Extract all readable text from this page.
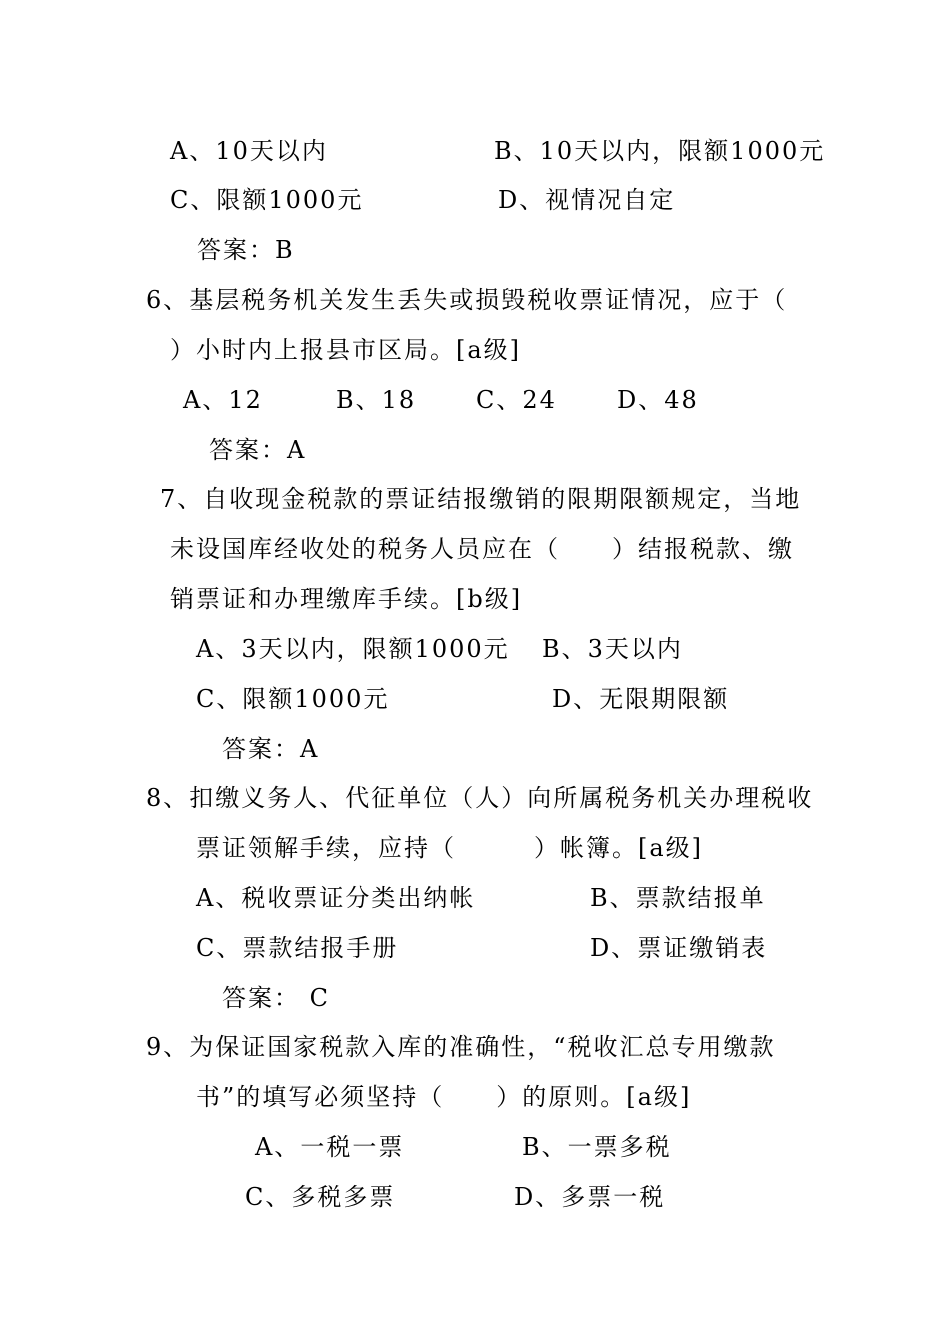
A、10天以内	B、10天以内，限额1000元
C、限额1000元	D、视情况自定
答案：B
6、基层税务机关发生丢失或损毁税收票证情况，应于（
）小时内上报县市区局。[a级]
A、12	B、18 C、24	D、48
答案：A
7、自收现金税款的票证结报缴销的限期限额规定，当地
未设国库经收处的税务人员应在（　　）结报税款、缴
销票证和办理缴库手续。[b级]
A、3天以内，限额1000元 B、3天以内
C、限额1000元	D、无限期限额
答案：A
8、扣缴义务人、代征单位（人）向所属税务机关办理税收
票证领解手续，应持（　　　）帐簿。[a级]
A、税收票证分类出纳帐	B、票款结报单
C、票款结报手册	D、票证缴销表
答案： C
9、为保证国家税款入库的准确性，“税收汇总专用缴款
书”的填写必须坚持（　　）的原则。[a级]
A、一税一票	B、一票多税
C、多税多票	D、多票一税
